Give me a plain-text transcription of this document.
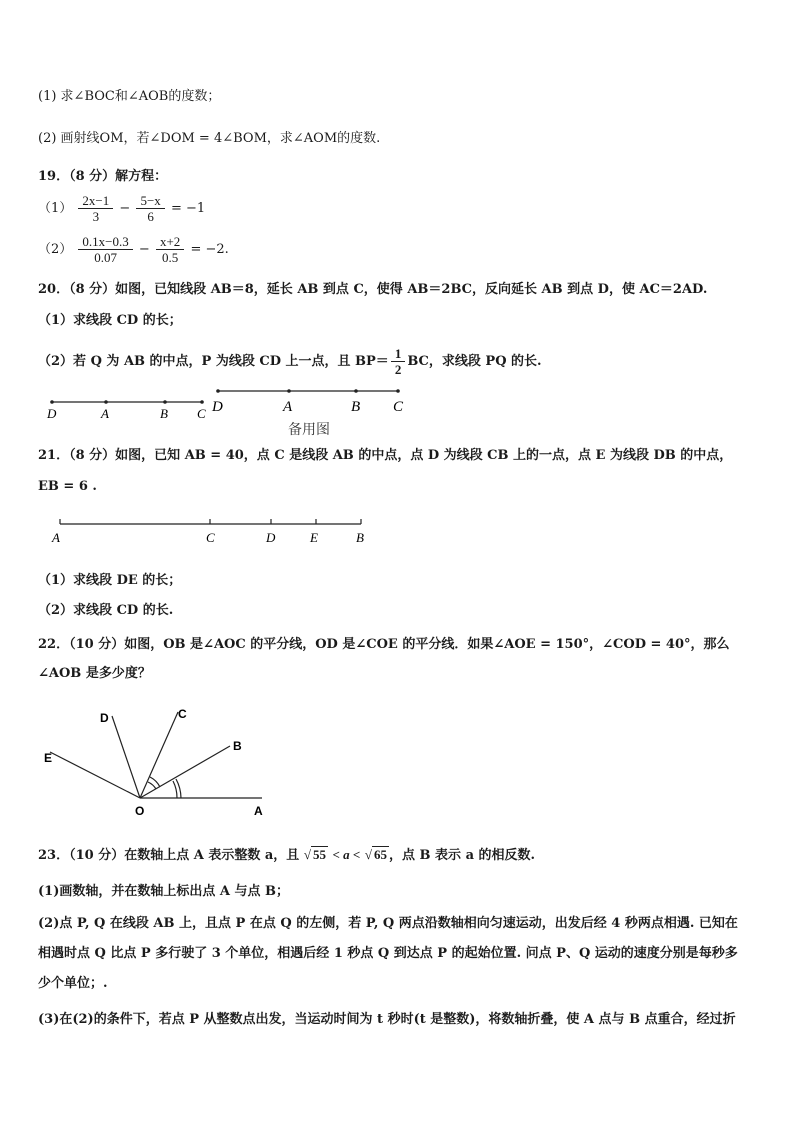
(1) 求∠BOC和∠AOB的度数；
(2) 画射线OM，若∠DOM = 4∠BOM，求∠AOM的度数.
19．（8 分）解方程：
$(1) \frac{2x-1}{3} - \frac{5-x}{6} = -1$
$(2) \frac{0.1x-0.3}{0.07} - \frac{x+2}{0.5} = -2$.
20．（8 分）如图，已知线段 AB＝8，延长 AB 到点 C，使得 AB＝2BC，反向延长 AB 到点 D，使 AC＝2AD.
（1）求线段 CD 的长；
（2）若 Q 为 AB 的中点，P 为线段 CD 上一点，且 $BP= \frac{1}{2}$ BC，求线段 PQ 的长.
D	A	B C D	A	B C
备用图
21．（8 分）如图，已知 AB = 40，点 C 是线段 AB 的中点，点 D 为线段 CB 上的一点，点 E 为线段 DB 的中点，
EB = 6 .
A	C	D	E	B
（1）求线段 DE 的长；
（2）求线段 CD 的长.
22．（10 分）如图，OB 是∠AOC 的平分线，OD 是∠COE 的平分线．如果∠AOE = 150°，∠COD = 40°，那么
∠AOB 是多少度？
D	C
B
E
O	A
23．（10 分）在数轴上点 A 表示整数 a，且 √ 55 < a < √ 65 ，点 B 表示 a 的相反数.
(1)画数轴，并在数轴上标出点 A 与点 B；
(2)点 P, Q 在线段 AB 上，且点 P 在点 Q 的左侧，若 P, Q 两点沿数轴相向匀速运动，出发后经 4 秒两点相遇. 已知在
相遇时点 Q 比点 P 多行驶了 3 个单位，相遇后经 1 秒点 Q 到达点 P 的起始位置. 问点 P、Q 运动的速度分别是每秒多
少个单位；.
(3)在(2)的条件下，若点 P 从整数点出发，当运动时间为 t 秒时(t 是整数)，将数轴折叠，使 A 点与 B 点重合，经过折
